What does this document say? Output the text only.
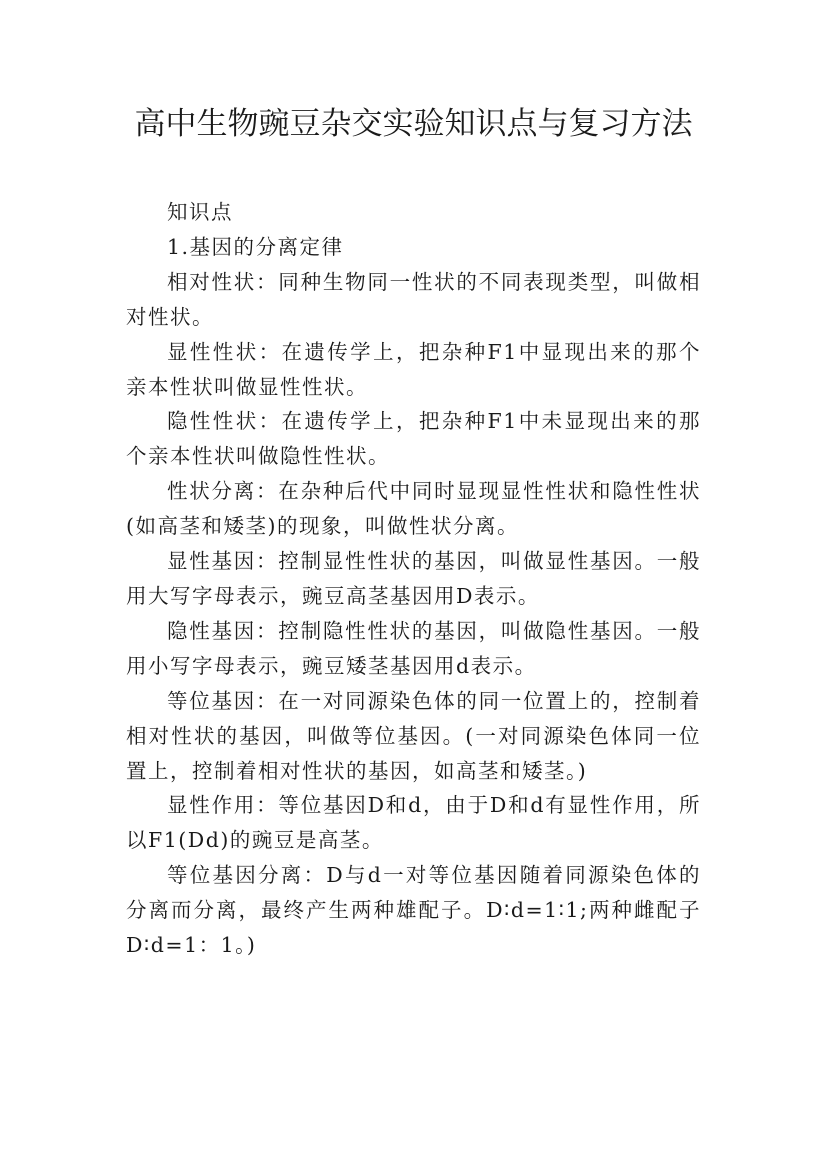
高中生物豌豆杂交实验知识点与复习方法

知识点

1.基因的分离定律

相对性状：同种生物同一性状的不同表现类型，叫做相对性状。

显性性状：在遗传学上，把杂种F1中显现出来的那个亲本性状叫做显性性状。

隐性性状：在遗传学上，把杂种F1中未显现出来的那个亲本性状叫做隐性性状。

性状分离：在杂种后代中同时显现显性性状和隐性性状(如高茎和矮茎)的现象，叫做性状分离。

显性基因：控制显性性状的基因，叫做显性基因。一般用大写字母表示，豌豆高茎基因用D表示。

隐性基因：控制隐性性状的基因，叫做隐性基因。一般用小写字母表示，豌豆矮茎基因用d表示。

等位基因：在一对同源染色体的同一位置上的，控制着相对性状的基因，叫做等位基因。(一对同源染色体同一位置上，控制着相对性状的基因，如高茎和矮茎。)

显性作用：等位基因D和d，由于D和d有显性作用，所以F1(Dd)的豌豆是高茎。

等位基因分离：D与d一对等位基因随着同源染色体的分离而分离，最终产生两种雄配子。D∶d=1∶1;两种雌配子D∶d=1：1。)
